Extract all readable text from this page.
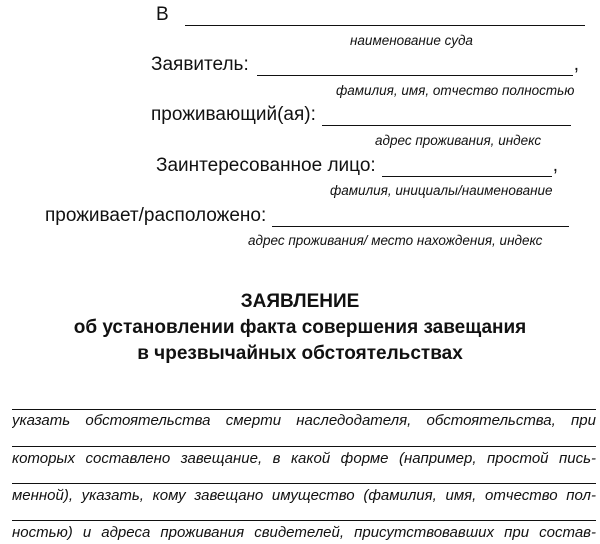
В
наименование суда
Заявитель:	,
фамилия, имя, отчество полностью
проживающий(ая):
адрес проживания, индекс
Заинтересованное лицо:	,
фамилия, инициалы/наименование
проживает/расположено:
адрес проживания/ место нахождения, индекс
ЗАЯВЛЕНИЕ
об установлении факта совершения завещания
в чрезвычайных обстоятельствах
указать обстоятельства смерти наследодателя, обстоятельства, при
которых составлено завещание, в какой форме (например, простой пись-
менной), указать, кому завещано имущество (фамилия, имя, отчество пол-
ностью) и адреса проживания свидетелей, присутствовавших при состав-
